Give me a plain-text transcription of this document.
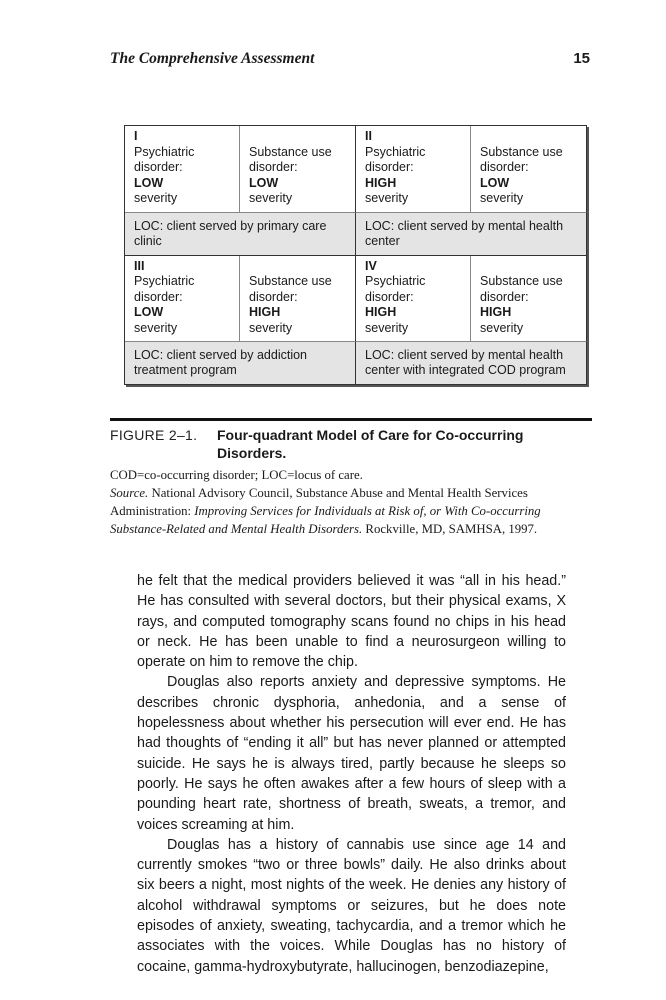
The Comprehensive Assessment	15
I
Psychiatric
disorder:
LOW
severity

Substance use
disorder:
LOW
severity
II
Psychiatric
disorder:
HIGH
severity

Substance use
disorder:
LOW
severity
LOC: client served by primary care clinic
LOC: client served by mental health center
III
Psychiatric
disorder:
LOW
severity

Substance use
disorder:
HIGH
severity
IV
Psychiatric
disorder:
HIGH
severity

Substance use
disorder:
HIGH
severity
LOC: client served by addiction treatment program
LOC: client served by mental health center with integrated COD program
FIGURE 2–1.	Four-quadrant Model of Care for Co-occurring Disorders.
COD=co-occurring disorder; LOC=locus of care.
Source. National Advisory Council, Substance Abuse and Mental Health Services Administration: Improving Services for Individuals at Risk of, or With Co-occurring Substance-Related and Mental Health Disorders. Rockville, MD, SAMHSA, 1997.

he felt that the medical providers believed it was “all in his head.” He has consulted with several doctors, but their physical exams, X rays, and computed tomography scans found no chips in his head or neck. He has been unable to find a neurosurgeon willing to operate on him to remove the chip.

Douglas also reports anxiety and depressive symptoms. He describes chronic dysphoria, anhedonia, and a sense of hopelessness about whether his persecution will ever end. He has had thoughts of “ending it all” but has never planned or attempted suicide. He says he is always tired, partly because he sleeps so poorly. He says he often awakes after a few hours of sleep with a pounding heart rate, shortness of breath, sweats, a tremor, and voices screaming at him.

Douglas has a history of cannabis use since age 14 and currently smokes “two or three bowls” daily. He also drinks about six beers a night, most nights of the week. He denies any history of alcohol withdrawal symptoms or seizures, but he does note episodes of anxiety, sweating, tachycardia, and a tremor which he associates with the voices. While Douglas has no history of cocaine, gamma-hydroxybutyrate, hallucinogen, benzodiazepine,
